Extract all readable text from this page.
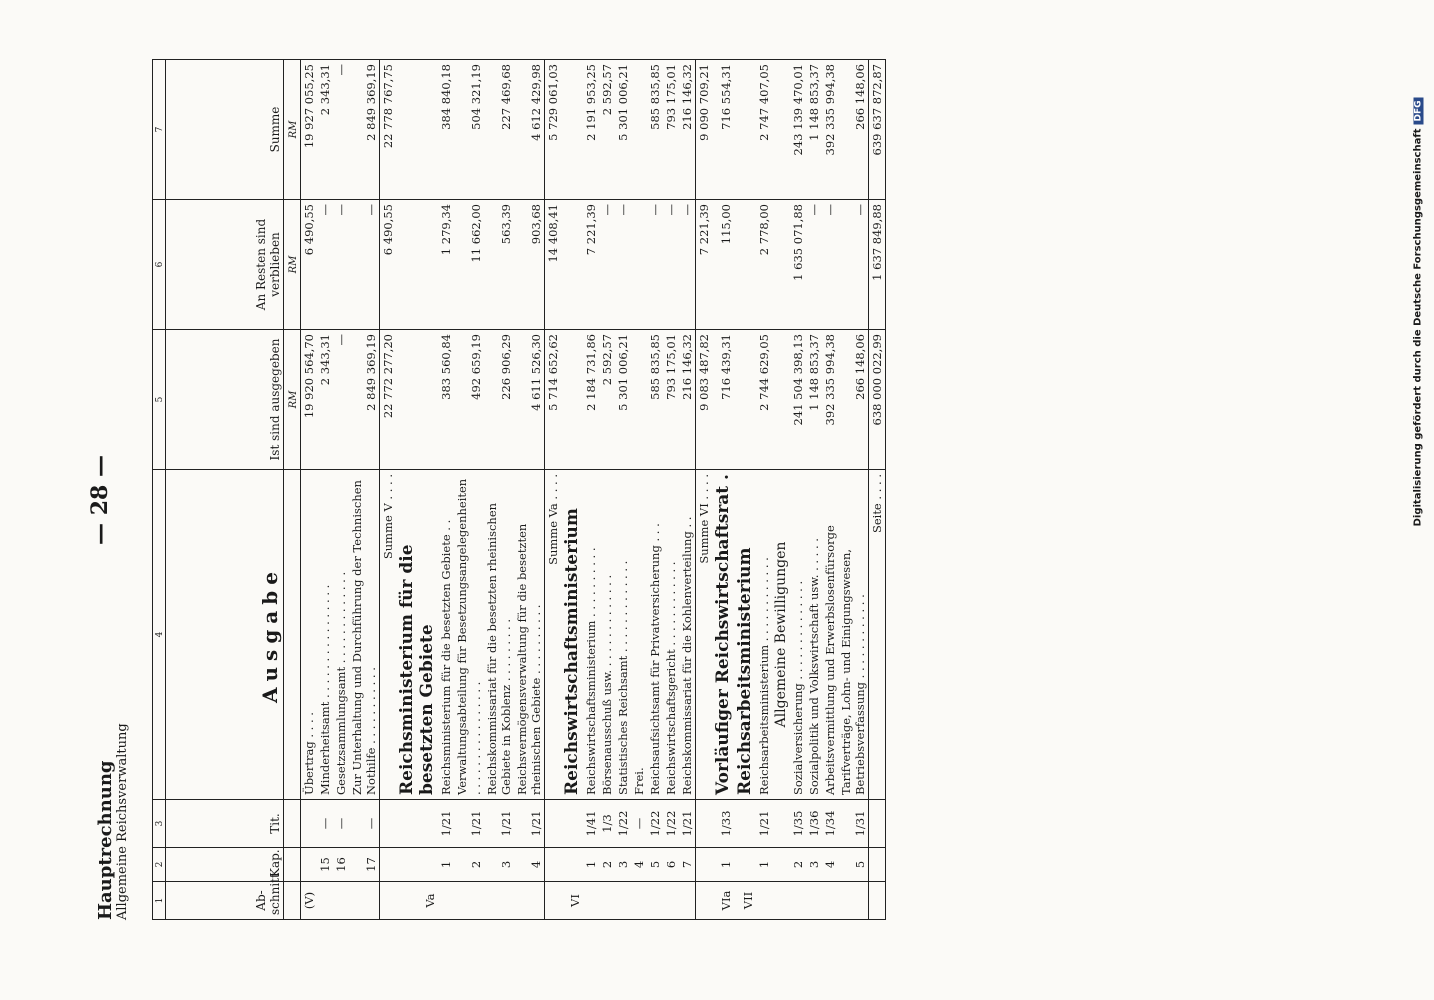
Hauptrechnung Allgemeine Reichsverwaltung
— 28 —
1	2	3	4	5	6	7
Ab-schnitt	Kap.	Tit.	Ausgabe	Ist sind ausgegeben	An Resten sind verblieben	Summe
				RM	RM	RM
(V)			Übertrag . . . .	19 920 564,70	6 490,55	19 927 055,25
	15	—	Minderheitsamt . . . . . . . . . . . . . . . .	2 343,31	—	2 343,31
	16	—	Gesetzsammlungsamt . . . . . . . . . . . . .	—	—	—
	17	—	Zur Unterhaltung und Durchführung der Technischen Nothilfe . . . . . . . . . . .	2 849 369,19	—	2 849 369,19
			Summe V . . . .	22 772 277,20	6 490,55	22 778 767,75
Va			Reichsministerium für die besetzten Gebiete			
	1	1/21	Reichsministerium für die besetzten Gebiete . .	383 560,84	1 279,34	384 840,18
	2	1/21	Verwaltungsabteilung für Besetzungsangelegenheiten . . . . . . . . . . . . . . . .	492 659,19	11 662,00	504 321,19
	3	1/21	Reichskommissariat für die besetzten rheinischen Gebiete in Koblenz . . . . . . . . .	226 906,29	563,39	227 469,68
	4	1/21	Reichsvermögensverwaltung für die besetzten rheinischen Gebiete . . . . . . . . . .	4 611 526,30	903,68	4 612 429,98
			Summe Va . . . .	5 714 652,62	14 408,41	5 729 061,03
VI			Reichswirtschaftsministerium			
	1	1/41	Reichswirtschaftsministerium . . . . . . . . . .	2 184 731,86	7 221,39	2 191 953,25
	2	1/3	Börsenausschuß usw. . . . . . . . . . . . . .	2 592,57	—	2 592,57
	3	1/22	Statistisches Reichsamt . . . . . . . . . . . . .	5 301 006,21	—	5 301 006,21
	4	—	Frei.			
	5	1/22	Reichsaufsichtsamt für Privatversicherung . . .	585 835,85	—	585 835,85
	6	1/22	Reichswirtschaftsgericht . . . . . . . . . . . .	793 175,01	—	793 175,01
	7	1/21	Reichskommissariat für die Kohlenverteilung . .	216 146,32	—	216 146,32
			Summe VI . . . .	9 083 487,82	7 221,39	9 090 709,21
VIa	1	1/33	Vorläufiger Reichswirtschaftsrat .	716 439,31	115,00	716 554,31
VII			Reichsarbeitsministerium			
	1	1/21	Reichsarbeitsministerium . . . . . . . . . . . .	2 744 629,05	2 778,00	2 747 407,05
			Allgemeine Bewilligungen			
	2	1/35	Sozialversicherung . . . . . . . . . . . . . .	241 504 398,13	1 635 071,88	243 139 470,01
	3	1/36	Sozialpolitik und Volkswirtschaft usw. . . . . .	1 148 853,37	—	1 148 853,37
	4	1/34	Arbeitsvermittlung und Erwerbslosenfürsorge	392 335 994,38	—	392 335 994,38
	5	1/31	Tarifverträge, Lohn- und Einigungswesen, Betriebsverfassung . . . . . . . . . . . .	266 148,06	—	266 148,06
			Seite . . . .	638 000 022,99	1 637 849,88	639 637 872,87
Digitalisierung gefördert durch die Deutsche ForschungsgemeinschaftDFG
